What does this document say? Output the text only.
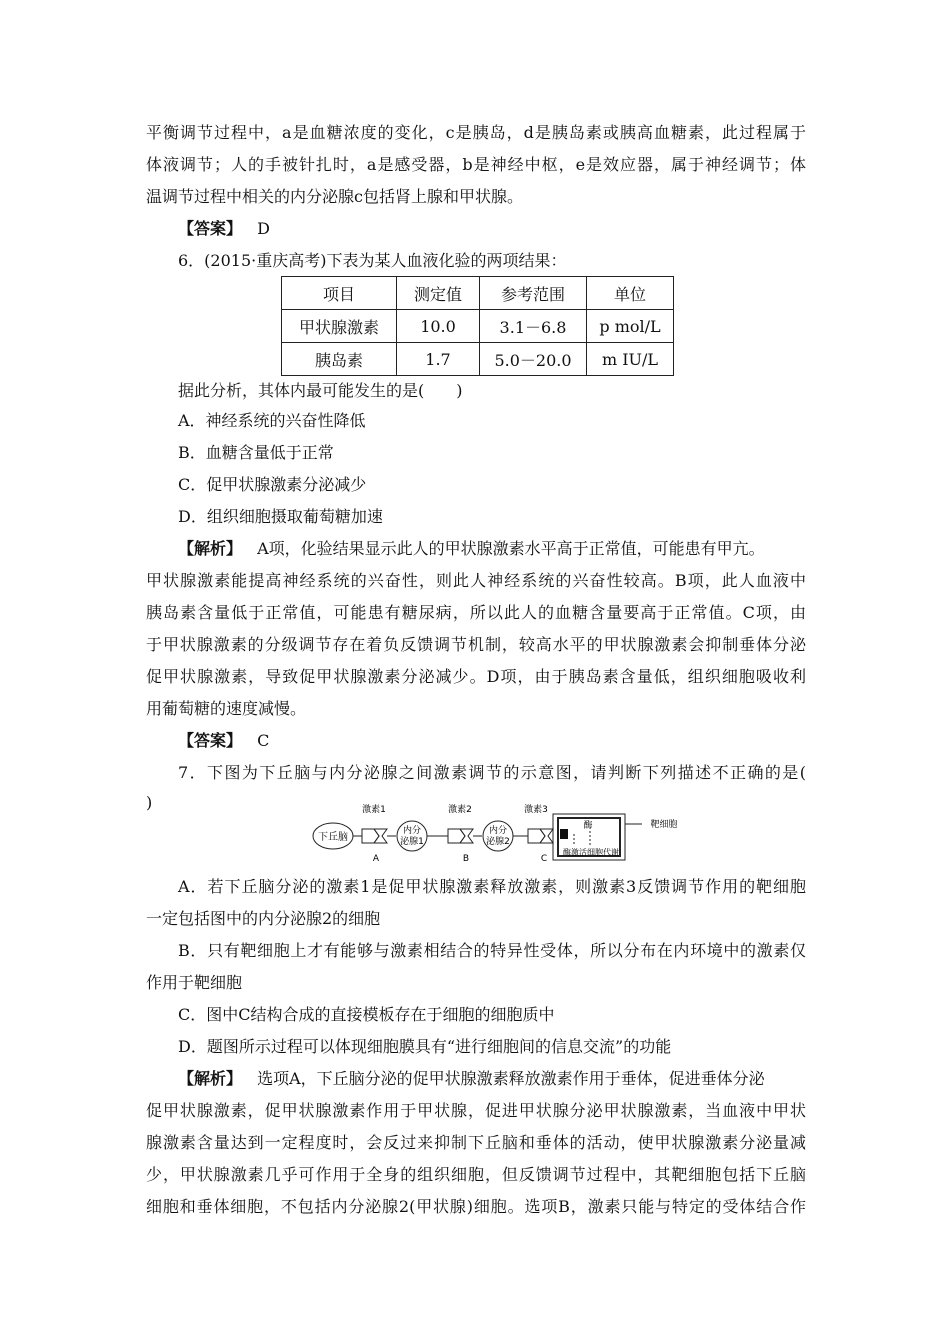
平衡调节过程中，a是血糖浓度的变化，c是胰岛，d是胰岛素或胰高血糖素，此过程属于
体液调节；人的手被针扎时，a是感受器，b是神经中枢，e是效应器，属于神经调节；体
温调节过程中相关的内分泌腺c包括肾上腺和甲状腺。
【答案】 D
6．(2015·重庆高考)下表为某人血液化验的两项结果：
项目	测定值	参考范围	单位
甲状腺激素	10.0	3.1－6.8	p mol/L
胰岛素	1.7	5.0－20.0	m IU/L
据此分析，其体内最可能发生的是(　　)
A．神经系统的兴奋性降低
B．血糖含量低于正常
C．促甲状腺激素分泌减少
D．组织细胞摄取葡萄糖加速
【解析】 A项，化验结果显示此人的甲状腺激素水平高于正常值，可能患有甲亢。
甲状腺激素能提高神经系统的兴奋性，则此人神经系统的兴奋性较高。B项，此人血液中
胰岛素含量低于正常值，可能患有糖尿病，所以此人的血糖含量要高于正常值。C项，由
于甲状腺激素的分级调节存在着负反馈调节机制，较高水平的甲状腺激素会抑制垂体分泌
促甲状腺激素，导致促甲状腺激素分泌减少。D项，由于胰岛素含量低，组织细胞吸收利
用葡萄糖的速度减慢。
【答案】 C
7．下图为下丘脑与内分泌腺之间激素调节的示意图，请判断下列描述不正确的是(
)
下丘脑
激素1
A
内分
泌腺1
激素2
B
内分
泌腺2
激素3
C
酶
酶激活细胞代谢
靶细胞
A．若下丘脑分泌的激素1是促甲状腺激素释放激素，则激素3反馈调节作用的靶细胞
一定包括图中的内分泌腺2的细胞
B．只有靶细胞上才有能够与激素相结合的特异性受体，所以分布在内环境中的激素仅
作用于靶细胞
C．图中C结构合成的直接模板存在于细胞的细胞质中
D．题图所示过程可以体现细胞膜具有“进行细胞间的信息交流”的功能
【解析】 选项A，下丘脑分泌的促甲状腺激素释放激素作用于垂体，促进垂体分泌
促甲状腺激素，促甲状腺激素作用于甲状腺，促进甲状腺分泌甲状腺激素，当血液中甲状
腺激素含量达到一定程度时，会反过来抑制下丘脑和垂体的活动，使甲状腺激素分泌量减
少，甲状腺激素几乎可作用于全身的组织细胞，但反馈调节过程中，其靶细胞包括下丘脑
细胞和垂体细胞，不包括内分泌腺2(甲状腺)细胞。选项B，激素只能与特定的受体结合作
